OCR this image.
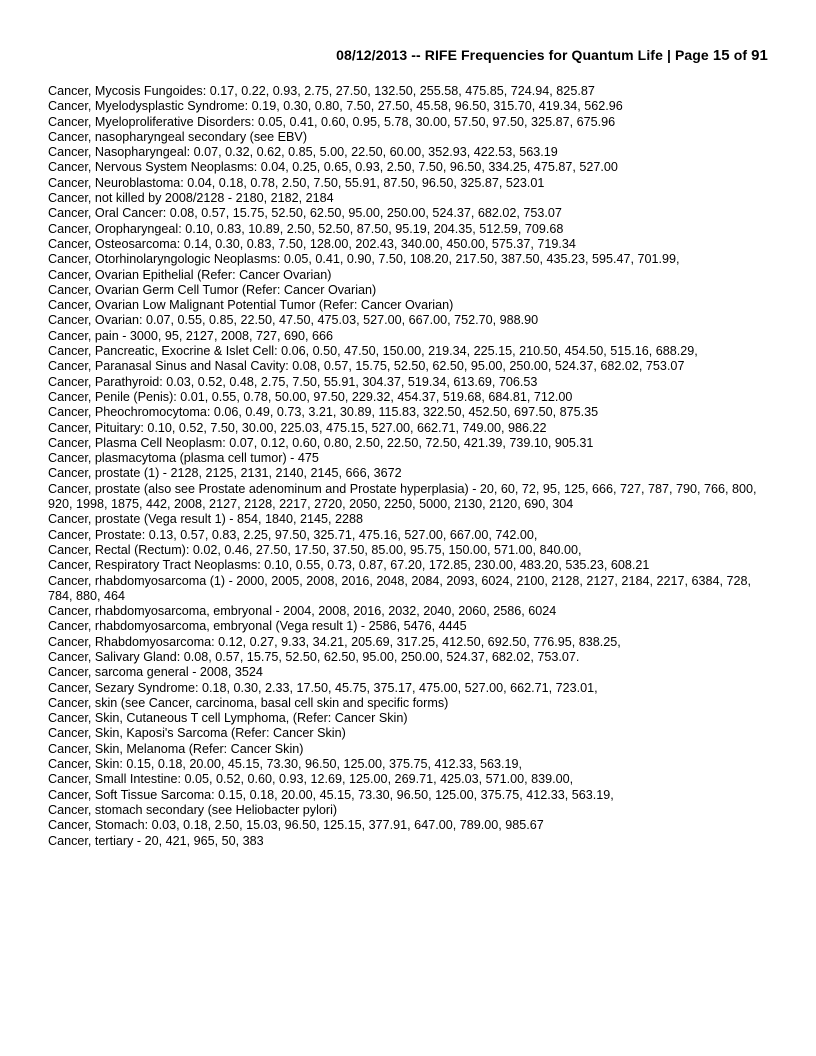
08/12/2013 -- RIFE Frequencies for Quantum Life | Page 15 of 91
Cancer, Mycosis Fungoides: 0.17, 0.22, 0.93, 2.75, 27.50, 132.50, 255.58, 475.85, 724.94, 825.87
Cancer, Myelodysplastic Syndrome: 0.19, 0.30, 0.80, 7.50, 27.50, 45.58, 96.50, 315.70, 419.34, 562.96
Cancer, Myeloproliferative Disorders: 0.05, 0.41, 0.60, 0.95, 5.78, 30.00, 57.50, 97.50, 325.87, 675.96
Cancer, nasopharyngeal secondary (see EBV)
Cancer, Nasopharyngeal: 0.07, 0.32, 0.62, 0.85, 5.00, 22.50, 60.00, 352.93, 422.53, 563.19
Cancer, Nervous System Neoplasms: 0.04, 0.25, 0.65, 0.93, 2.50, 7.50, 96.50, 334.25, 475.87, 527.00
Cancer, Neuroblastoma: 0.04, 0.18, 0.78, 2.50, 7.50, 55.91, 87.50, 96.50, 325.87, 523.01
Cancer, not killed by 2008/2128 - 2180, 2182, 2184
Cancer, Oral Cancer: 0.08, 0.57, 15.75, 52.50, 62.50, 95.00, 250.00, 524.37, 682.02, 753.07
Cancer, Oropharyngeal: 0.10, 0.83, 10.89, 2.50, 52.50, 87.50, 95.19, 204.35, 512.59, 709.68
Cancer, Osteosarcoma: 0.14, 0.30, 0.83, 7.50, 128.00, 202.43, 340.00, 450.00, 575.37, 719.34
Cancer, Otorhinolaryngologic Neoplasms: 0.05, 0.41, 0.90, 7.50, 108.20, 217.50, 387.50, 435.23, 595.47, 701.99,
Cancer, Ovarian Epithelial (Refer: Cancer Ovarian)
Cancer, Ovarian Germ Cell Tumor (Refer: Cancer Ovarian)
Cancer, Ovarian Low Malignant Potential Tumor (Refer: Cancer Ovarian)
Cancer, Ovarian: 0.07, 0.55, 0.85, 22.50, 47.50, 475.03, 527.00, 667.00, 752.70, 988.90
Cancer, pain - 3000, 95, 2127, 2008, 727, 690, 666
Cancer, Pancreatic, Exocrine & Islet Cell: 0.06, 0.50, 47.50, 150.00, 219.34, 225.15, 210.50, 454.50, 515.16, 688.29,
Cancer, Paranasal Sinus and Nasal Cavity: 0.08, 0.57, 15.75, 52.50, 62.50, 95.00, 250.00, 524.37, 682.02, 753.07
Cancer, Parathyroid: 0.03, 0.52, 0.48, 2.75, 7.50, 55.91, 304.37, 519.34, 613.69, 706.53
Cancer, Penile (Penis): 0.01, 0.55, 0.78, 50.00, 97.50, 229.32, 454.37, 519.68, 684.81, 712.00
Cancer, Pheochromocytoma: 0.06, 0.49, 0.73, 3.21, 30.89, 115.83, 322.50, 452.50, 697.50, 875.35
Cancer, Pituitary: 0.10, 0.52, 7.50, 30.00, 225.03, 475.15, 527.00, 662.71, 749.00, 986.22
Cancer, Plasma Cell Neoplasm: 0.07, 0.12, 0.60, 0.80, 2.50, 22.50, 72.50, 421.39, 739.10, 905.31
Cancer, plasmacytoma (plasma cell tumor) - 475
Cancer, prostate (1) - 2128, 2125, 2131, 2140, 2145, 666, 3672
Cancer, prostate (also see Prostate adenominum and Prostate hyperplasia) - 20, 60, 72, 95, 125, 666, 727, 787, 790, 766, 800, 920, 1998, 1875, 442, 2008, 2127, 2128, 2217, 2720, 2050, 2250, 5000, 2130, 2120, 690, 304
Cancer, prostate (Vega result 1) - 854, 1840, 2145, 2288
Cancer, Prostate: 0.13, 0.57, 0.83, 2.25, 97.50, 325.71, 475.16, 527.00, 667.00, 742.00,
Cancer, Rectal (Rectum): 0.02, 0.46, 27.50, 17.50, 37.50, 85.00, 95.75, 150.00, 571.00, 840.00,
Cancer, Respiratory Tract Neoplasms: 0.10, 0.55, 0.73, 0.87, 67.20, 172.85, 230.00, 483.20, 535.23, 608.21
Cancer, rhabdomyosarcoma (1) - 2000, 2005, 2008, 2016, 2048, 2084, 2093, 6024, 2100, 2128, 2127, 2184, 2217, 6384, 728, 784, 880, 464
Cancer, rhabdomyosarcoma, embryonal - 2004, 2008, 2016, 2032, 2040, 2060, 2586, 6024
Cancer, rhabdomyosarcoma, embryonal (Vega result 1) - 2586, 5476, 4445
Cancer, Rhabdomyosarcoma: 0.12, 0.27, 9.33, 34.21, 205.69, 317.25, 412.50, 692.50, 776.95, 838.25,
Cancer, Salivary Gland: 0.08, 0.57, 15.75, 52.50, 62.50, 95.00, 250.00, 524.37, 682.02, 753.07.
Cancer, sarcoma general - 2008, 3524
Cancer, Sezary Syndrome: 0.18, 0.30, 2.33, 17.50, 45.75, 375.17, 475.00, 527.00, 662.71, 723.01,
Cancer, skin (see Cancer, carcinoma, basal cell skin and specific forms)
Cancer, Skin, Cutaneous T cell Lymphoma, (Refer: Cancer Skin)
Cancer, Skin, Kaposi's Sarcoma (Refer: Cancer Skin)
Cancer, Skin, Melanoma (Refer: Cancer Skin)
Cancer, Skin: 0.15, 0.18, 20.00, 45.15, 73.30, 96.50, 125.00, 375.75, 412.33, 563.19,
Cancer, Small Intestine: 0.05, 0.52, 0.60, 0.93, 12.69, 125.00, 269.71, 425.03, 571.00, 839.00,
Cancer, Soft Tissue Sarcoma: 0.15, 0.18, 20.00, 45.15, 73.30, 96.50, 125.00, 375.75, 412.33, 563.19,
Cancer, stomach secondary (see Heliobacter pylori)
Cancer, Stomach: 0.03, 0.18, 2.50, 15.03, 96.50, 125.15, 377.91, 647.00, 789.00, 985.67
Cancer, tertiary - 20, 421, 965, 50, 383
